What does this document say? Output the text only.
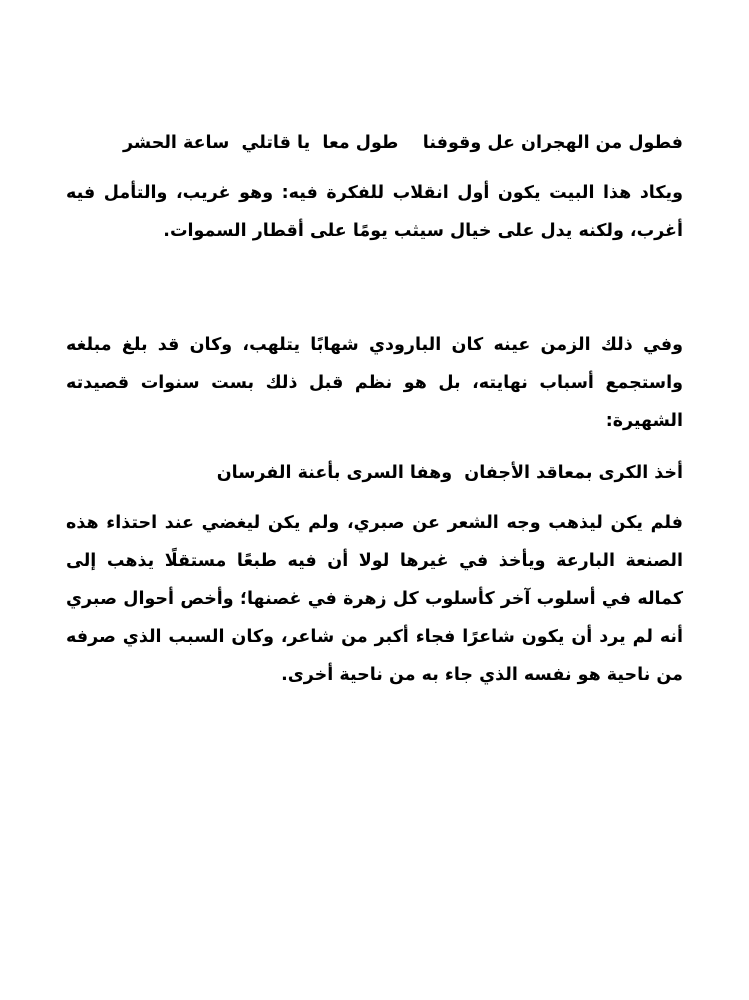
فطول من الهجران عل وقوفنا    طول معا  يا قاتلي  ساعة الحشر

ويكاد هذا البيت يكون أول انقلاب للفكرة فيه: وهو غريب، والتأمل فيه أغرب، ولكنه يدل على خيال سيثب يومًا على أقطار السموات.

وفي ذلك الزمن عينه كان البارودي شهابًا يتلهب، وكان قد بلغ مبلغه واستجمع أسباب نهايته، بل هو نظم قبل ذلك بست سنوات قصيدته الشهيرة:

أخذ الكرى بمعاقد الأجفان  وهفا السرى بأعنة الفرسان

فلم يكن ليذهب وجه الشعر عن صبري، ولم يكن ليغضي عند احتذاء هذه الصنعة البارعة ويأخذ في غيرها لولا أن فيه طبعًا مستقلًا يذهب إلى كماله في أسلوب آخر كأسلوب كل زهرة في غصنها؛ وأخص أحوال صبري أنه لم يرد أن يكون شاعرًا فجاء أكبر من شاعر، وكان السبب الذي صرفه من ناحية هو نفسه الذي جاء به من ناحية أخرى.
